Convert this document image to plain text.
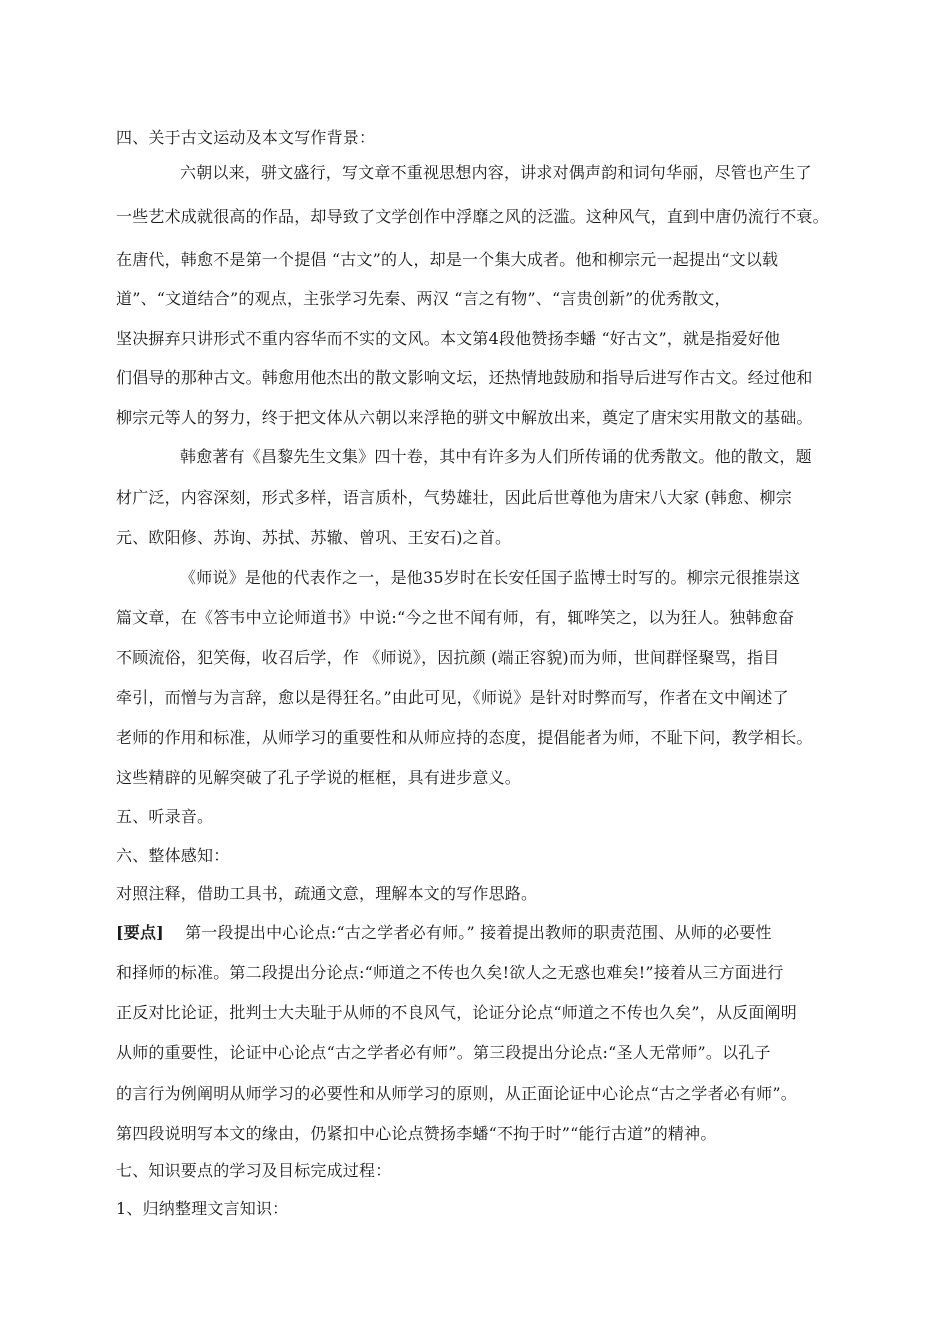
四、关于古文运动及本文写作背景：
六朝以来，骈文盛行，写文章不重视思想内容，讲求对偶声韵和词句华丽，尽管也产生了
一些艺术成就很高的作品，却导致了文学创作中浮靡之风的泛滥。这种风气，直到中唐仍流行不衰。
在唐代，韩愈不是第一个提倡 “古文”的人，却是一个集大成者。他和柳宗元一起提出“文以载
道”、“文道结合”的观点，主张学习先秦、两汉 “言之有物”、“言贵创新”的优秀散文，
坚决摒弃只讲形式不重内容华而不实的文风。本文第4段他赞扬李蟠 “好古文”，就是指爱好他
们倡导的那种古文。韩愈用他杰出的散文影响文坛，还热情地鼓励和指导后进写作古文。经过他和
柳宗元等人的努力，终于把文体从六朝以来浮艳的骈文中解放出来，奠定了唐宋实用散文的基础。
韩愈著有《昌黎先生文集》四十卷，其中有许多为人们所传诵的优秀散文。他的散文，题
材广泛，内容深刻，形式多样，语言质朴，气势雄壮，因此后世尊他为唐宋八大家 (韩愈、柳宗
元、欧阳修、苏询、苏拭、苏辙、曾巩、王安石)之首。
《师说》是他的代表作之一，是他35岁时在长安任国子监博士时写的。柳宗元很推崇这
篇文章，在《答韦中立论师道书》中说:“今之世不闻有师，有，辄哗笑之，以为狂人。独韩愈奋
不顾流俗，犯笑侮，收召后学，作 《师说》，因抗颜 (端正容貌)而为师，世间群怪聚骂，指目
牵引，而憎与为言辞，愈以是得狂名。”由此可见，《师说》是针对时弊而写，作者在文中阐述了
老师的作用和标准，从师学习的重要性和从师应持的态度，提倡能者为师，不耻下问，教学相长。
这些精辟的见解突破了孔子学说的框框，具有进步意义。
五、听录音。
六、整体感知：
对照注释，借助工具书，疏通文意，理解本文的写作思路。
[要点] 第一段提出中心论点:“古之学者必有师。” 接着提出教师的职责范围、从师的必要性
和择师的标准。第二段提出分论点:“师道之不传也久矣!欲人之无惑也难矣!”接着从三方面进行
正反对比论证，批判士大夫耻于从师的不良风气，论证分论点“师道之不传也久矣”，从反面阐明
从师的重要性，论证中心论点“古之学者必有师”。第三段提出分论点:“圣人无常师”。以孔子
的言行为例阐明从师学习的必要性和从师学习的原则，从正面论证中心论点“古之学者必有师”。
第四段说明写本文的缘由，仍紧扣中心论点赞扬李蟠“不拘于时”“能行古道”的精神。
七、知识要点的学习及目标完成过程：
1、归纳整理文言知识：
